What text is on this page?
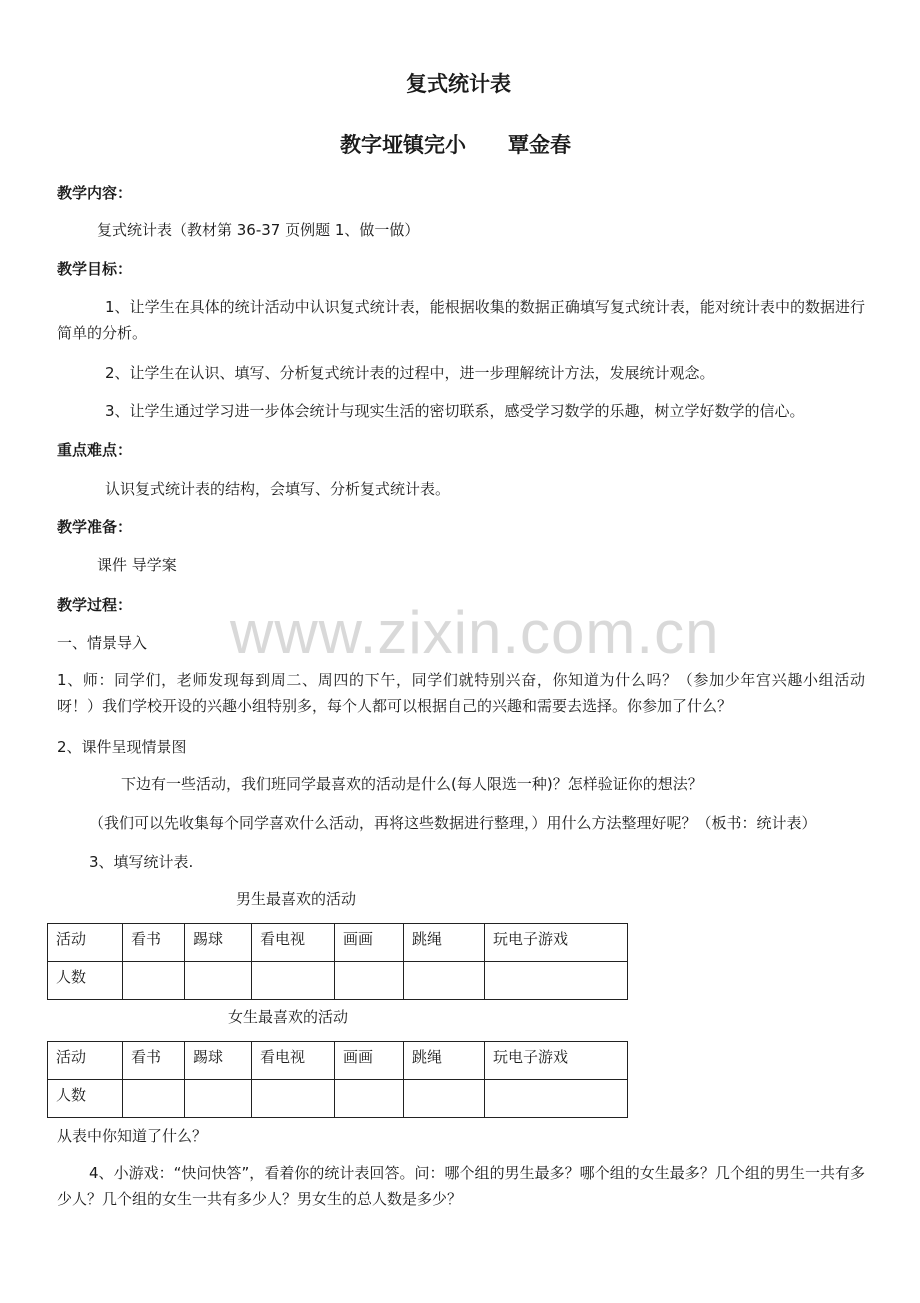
www.zixin.com.cn
复式统计表
教字垭镇完小　　覃金春
教学内容：
复式统计表（教材第 36-37 页例题 1、做一做）
教学目标：
1、让学生在具体的统计活动中认识复式统计表，能根据收集的数据正确填写复式统计表，能对统计表中的数据进行简单的分析。
2、让学生在认识、填写、分析复式统计表的过程中，进一步理解统计方法，发展统计观念。
3、让学生通过学习进一步体会统计与现实生活的密切联系，感受学习数学的乐趣，树立学好数学的信心。
重点难点：
认识复式统计表的结构，会填写、分析复式统计表。
教学准备：
课件 导学案
教学过程：
一、情景导入
1、师：同学们，老师发现每到周二、周四的下午，同学们就特别兴奋，你知道为什么吗？（参加少年宫兴趣小组活动呀！）我们学校开设的兴趣小组特别多，每个人都可以根据自己的兴趣和需要去选择。你参加了什么？
2、课件呈现情景图
下边有一些活动，我们班同学最喜欢的活动是什么(每人限选一种)？怎样验证你的想法？
（我们可以先收集每个同学喜欢什么活动，再将这些数据进行整理，）用什么方法整理好呢？（板书：统计表）
3、填写统计表.
男生最喜欢的活动
活动	看书	踢球	看电视	画画	跳绳	玩电子游戏
人数						
女生最喜欢的活动
活动	看书	踢球	看电视	画画	跳绳	玩电子游戏
人数						
从表中你知道了什么？
4、小游戏：“快问快答”，看着你的统计表回答。问：哪个组的男生最多？哪个组的女生最多？几个组的男生一共有多少人？几个组的女生一共有多少人？男女生的总人数是多少？
